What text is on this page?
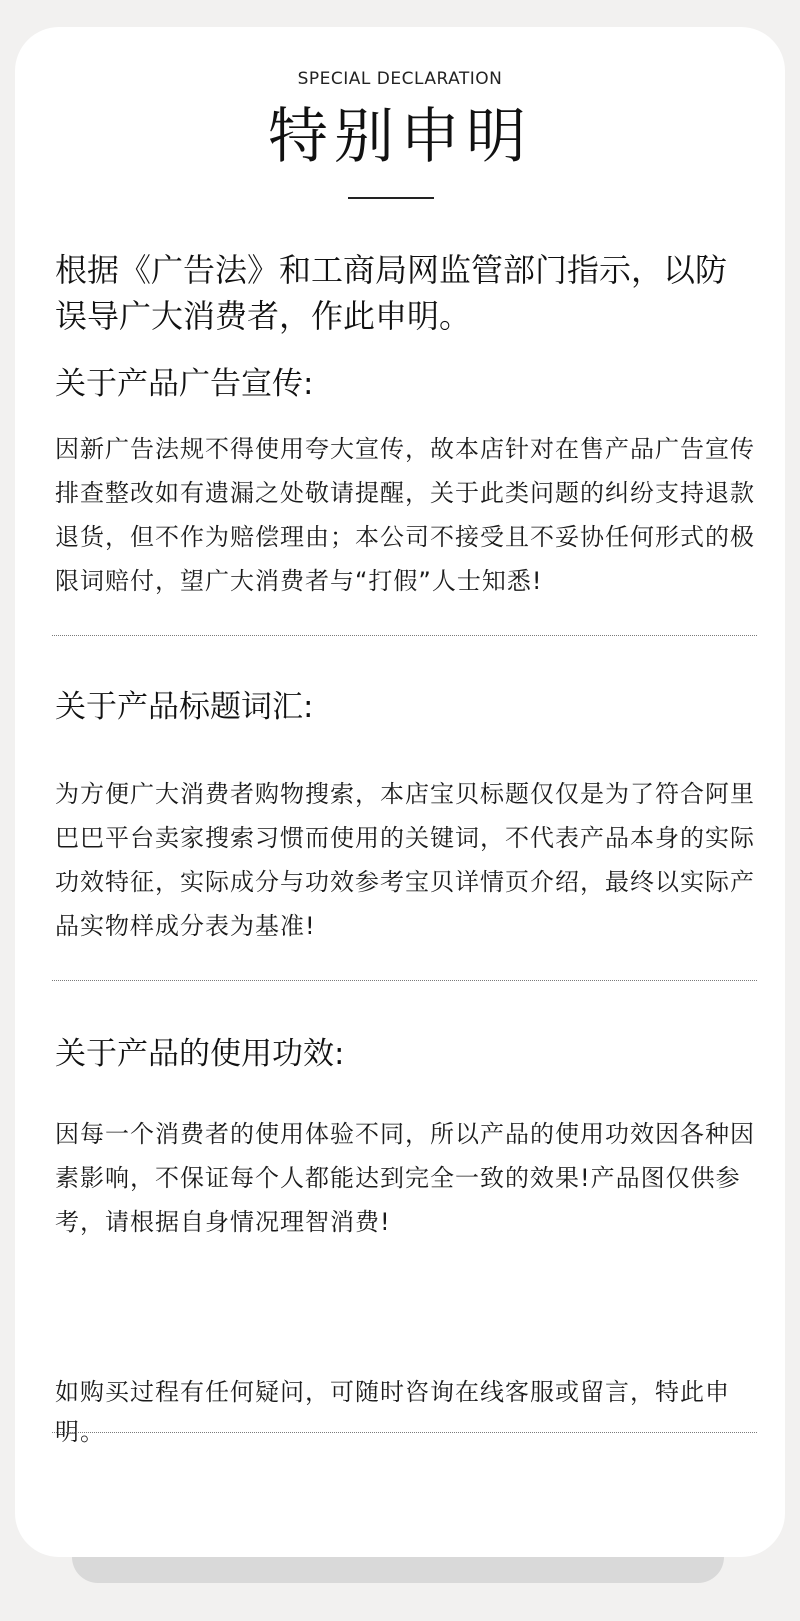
SPECIAL DECLARATION
特别申明
根据《广告法》和工商局网监管部门指示，以防误导广大消费者，作此申明。
关于产品广告宣传:
因新广告法规不得使用夸大宣传，故本店针对在售产品广告宣传排查整改如有遗漏之处敬请提醒，关于此类问题的纠纷支持退款退货，但不作为赔偿理由；本公司不接受且不妥协任何形式的极限词赔付，望广大消费者与“打假”人士知悉!
关于产品标题词汇:
为方便广大消费者购物搜索，本店宝贝标题仅仅是为了符合阿里巴巴平台卖家搜索习惯而使用的关键词，不代表产品本身的实际功效特征，实际成分与功效参考宝贝详情页介绍，最终以实际产品实物样成分表为基准!
关于产品的使用功效:
因每一个消费者的使用体验不同，所以产品的使用功效因各种因素影响，不保证每个人都能达到完全一致的效果!产品图仅供参考，请根据自身情况理智消费!
如购买过程有任何疑问，可随时咨询在线客服或留言，特此申明。
